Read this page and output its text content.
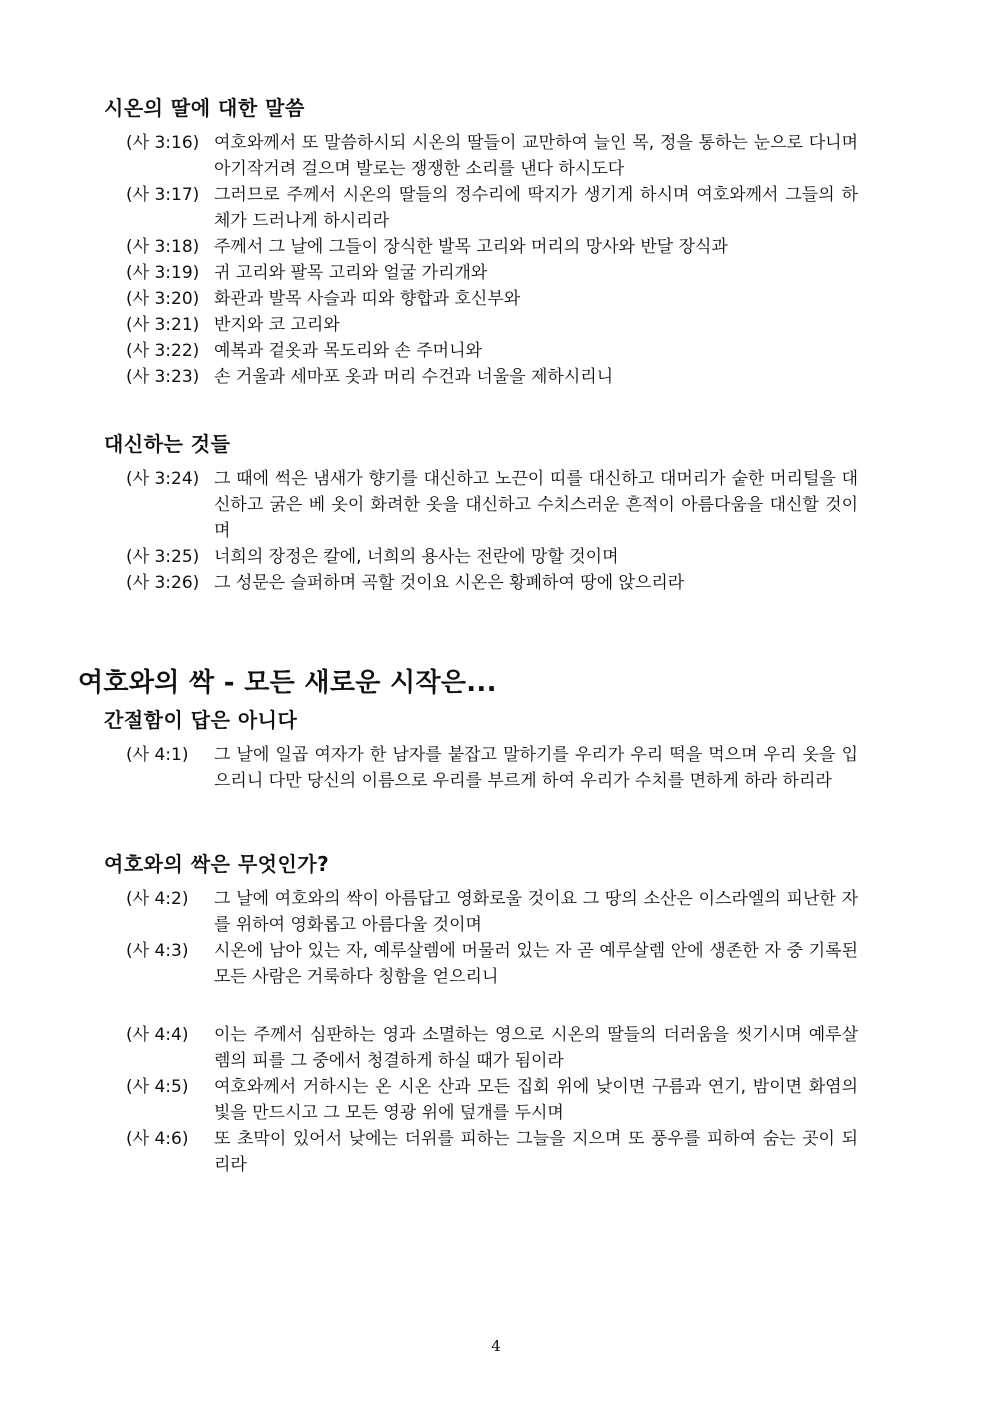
시온의 딸에 대한 말씀
(사 3:16) 여호와께서 또 말씀하시되 시온의 딸들이 교만하여 늘인 목, 정을 통하는 눈으로 다니며 아기작거려 걸으며 발로는 쟁쟁한 소리를 낸다 하시도다
(사 3:17) 그러므로 주께서 시온의 딸들의 정수리에 딱지가 생기게 하시며 여호와께서 그들의 하체가 드러나게 하시리라
(사 3:18) 주께서 그 날에 그들이 장식한 발목 고리와 머리의 망사와 반달 장식과
(사 3:19) 귀 고리와 팔목 고리와 얼굴 가리개와
(사 3:20) 화관과 발목 사슬과 띠와 향합과 호신부와
(사 3:21) 반지와 코 고리와
(사 3:22) 예복과 겉옷과 목도리와 손 주머니와
(사 3:23) 손 거울과 세마포 옷과 머리 수건과 너울을 제하시리니
대신하는 것들
(사 3:24) 그 때에 썩은 냄새가 향기를 대신하고 노끈이 띠를 대신하고 대머리가 숱한 머리털을 대신하고 굵은 베 옷이 화려한 옷을 대신하고 수치스러운 흔적이 아름다움을 대신할 것이며
(사 3:25) 너희의 장정은 칼에, 너희의 용사는 전란에 망할 것이며
(사 3:26) 그 성문은 슬퍼하며 곡할 것이요 시온은 황폐하여 땅에 앉으리라
여호와의 싹 - 모든 새로운 시작은...
간절함이 답은 아니다
(사 4:1)	그 날에 일곱 여자가 한 남자를 붙잡고 말하기를 우리가 우리 떡을 먹으며 우리 옷을 입으리니 다만 당신의 이름으로 우리를 부르게 하여 우리가 수치를 면하게 하라 하리라
여호와의 싹은 무엇인가?
(사 4:2)	그 날에 여호와의 싹이 아름답고 영화로울 것이요 그 땅의 소산은 이스라엘의 피난한 자를 위하여 영화롭고 아름다울 것이며
(사 4:3)	시온에 남아 있는 자, 예루살렘에 머물러 있는 자 곧 예루살렘 안에 생존한 자 중 기록된 모든 사람은 거룩하다 칭함을 얻으리니
(사 4:4)	이는 주께서 심판하는 영과 소멸하는 영으로 시온의 딸들의 더러움을 씻기시며 예루살렘의 피를 그 중에서 청결하게 하실 때가 됨이라
(사 4:5)	여호와께서 거하시는 온 시온 산과 모든 집회 위에 낮이면 구름과 연기, 밤이면 화염의 빛을 만드시고 그 모든 영광 위에 덮개를 두시며
(사 4:6)	또 초막이 있어서 낮에는 더위를 피하는 그늘을 지으며 또 풍우를 피하여 숨는 곳이 되리라
4
